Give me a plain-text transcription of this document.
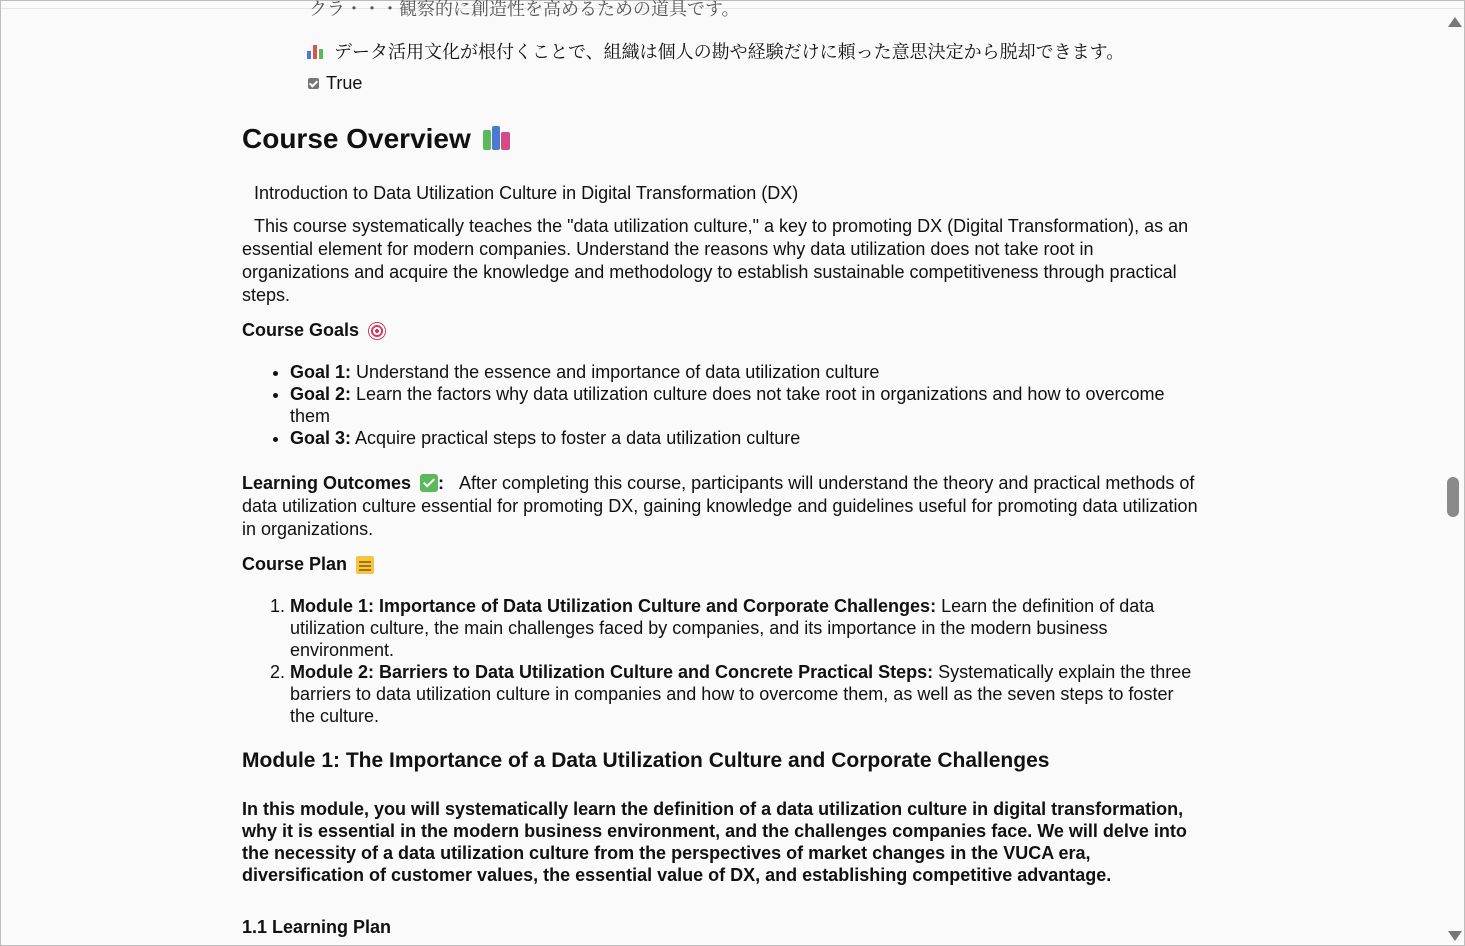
クラ・・・観察的に創造性を高めるための道具です。
データ活用文化が根付くことで、組織は個人の勘や経験だけに頼った意思決定から脱却できます。
True
Course Overview

Introduction to Data Utilization Culture in Digital Transformation (DX)

This course systematically teaches the "data utilization culture," a key to promoting DX (Digital Transformation), as an essential element for modern companies. Understand the reasons why data utilization does not take root in organizations and acquire the knowledge and methodology to establish sustainable competitiveness through practical steps.

Course Goals
• Goal 1: Understand the essence and importance of data utilization culture
• Goal 2: Learn the factors why data utilization culture does not take root in organizations and how to overcome them
• Goal 3: Acquire practical steps to foster a data utilization culture

Learning Outcomes : After completing this course, participants will understand the theory and practical methods of data utilization culture essential for promoting DX, gaining knowledge and guidelines useful for promoting data utilization in organizations.

Course Plan
1. Module 1: Importance of Data Utilization Culture and Corporate Challenges: Learn the definition of data utilization culture, the main challenges faced by companies, and its importance in the modern business environment.
2. Module 2: Barriers to Data Utilization Culture and Concrete Practical Steps: Systematically explain the three barriers to data utilization culture in companies and how to overcome them, as well as the seven steps to foster the culture.
Module 1: The Importance of a Data Utilization Culture and Corporate Challenges

In this module, you will systematically learn the definition of a data utilization culture in digital transformation, why it is essential in the modern business environment, and the challenges companies face. We will delve into the necessity of a data utilization culture from the perspectives of market changes in the VUCA era, diversification of customer values, the essential value of DX, and establishing competitive advantage.

1.1 Learning Plan
